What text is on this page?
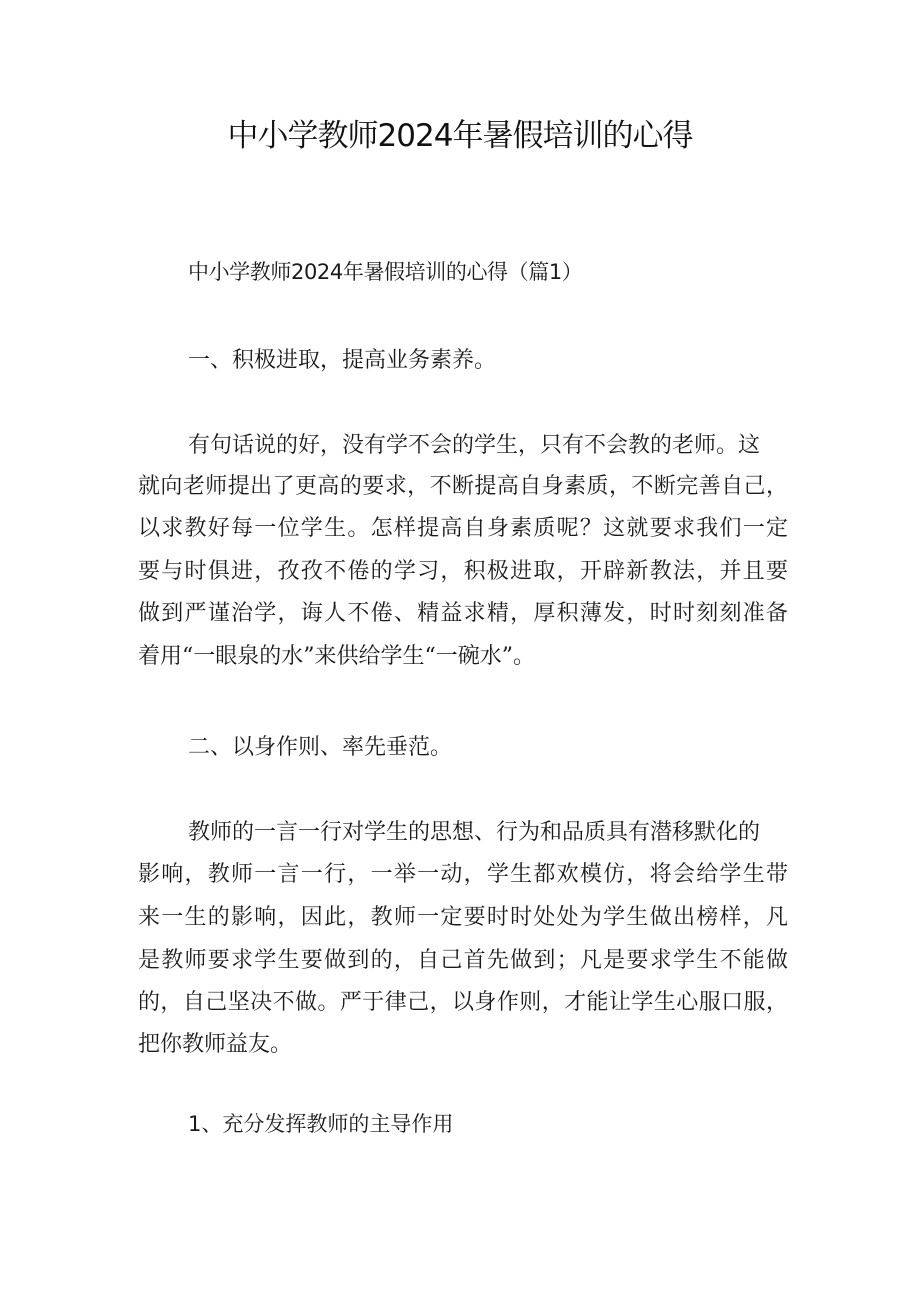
中小学教师2024年暑假培训的心得
中小学教师2024年暑假培训的心得（篇1）
一、积极进取，提高业务素养。
有句话说的好，没有学不会的学生，只有不会教的老师。这
就向老师提出了更高的要求，不断提高自身素质，不断完善自己，
以求教好每一位学生。怎样提高自身素质呢？这就要求我们一定
要与时俱进，孜孜不倦的学习，积极进取，开辟新教法，并且要
做到严谨治学，诲人不倦、精益求精，厚积薄发，时时刻刻准备
着用“一眼泉的水”来供给学生“一碗水”。
二、以身作则、率先垂范。
教师的一言一行对学生的思想、行为和品质具有潜移默化的
影响，教师一言一行，一举一动，学生都欢模仿，将会给学生带
来一生的影响，因此，教师一定要时时处处为学生做出榜样，凡
是教师要求学生要做到的，自己首先做到；凡是要求学生不能做
的，自己坚决不做。严于律己，以身作则，才能让学生心服口服，
把你教师益友。
1、充分发挥教师的主导作用
